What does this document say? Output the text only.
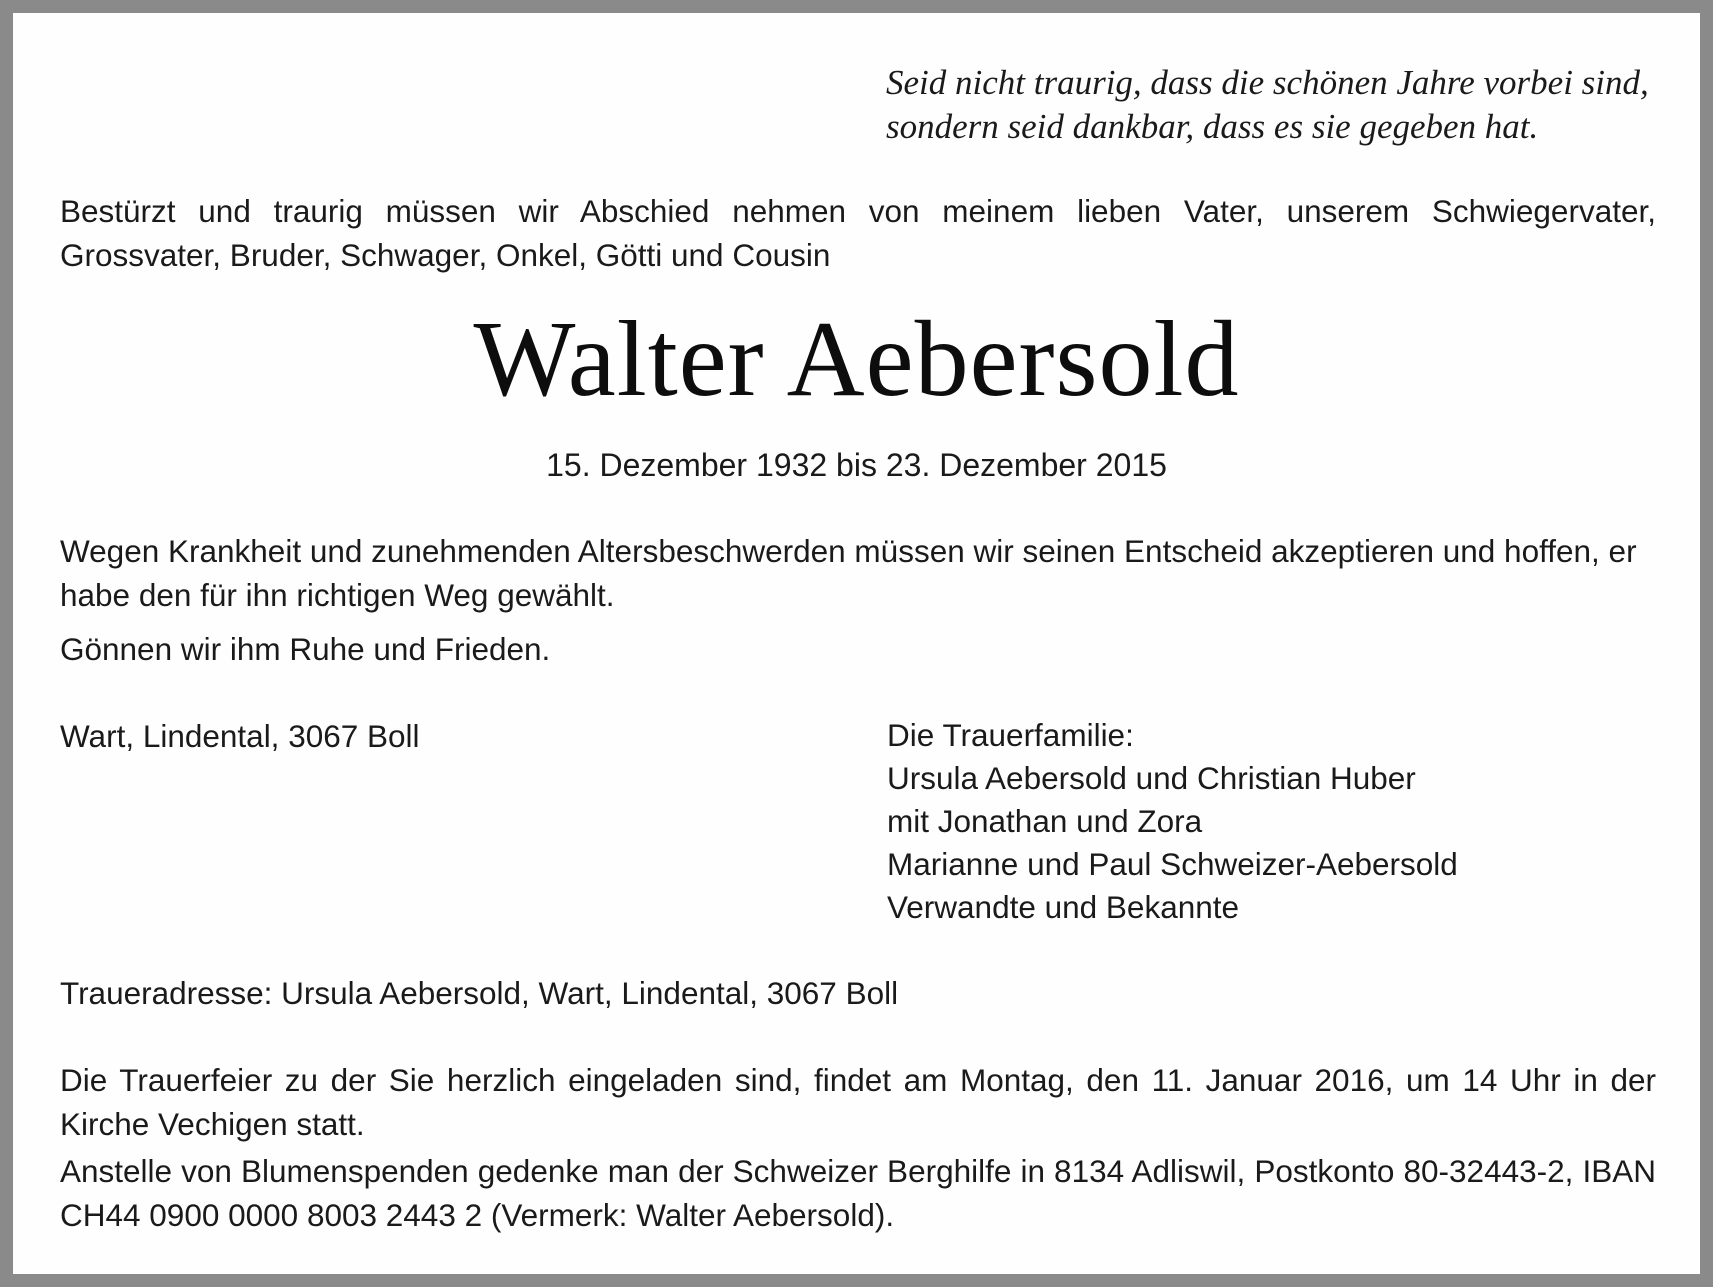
Seid nicht traurig, dass die schönen Jahre vorbei sind,
sondern seid dankbar, dass es sie gegeben hat.
Bestürzt und traurig müssen wir Abschied nehmen von meinem lieben Vater, unserem Schwiegervater, Grossvater, Bruder, Schwager, Onkel, Götti und Cousin
Walter Aebersold
15. Dezember 1932 bis 23. Dezember 2015
Wegen Krankheit und zunehmenden Altersbeschwerden müssen wir seinen Entscheid akzeptieren und hoffen, er habe den für ihn richtigen Weg gewählt.
Gönnen wir ihm Ruhe und Frieden.
Wart, Lindental, 3067 Boll	Die Trauerfamilie:
Ursula Aebersold und Christian Huber
mit Jonathan und Zora
Marianne und Paul Schweizer-Aebersold
Verwandte und Bekannte
Traueradresse: Ursula Aebersold, Wart, Lindental, 3067 Boll
Die Trauerfeier zu der Sie herzlich eingeladen sind, findet am Montag, den 11. Januar 2016, um 14 Uhr in der Kirche Vechigen statt.
Anstelle von Blumenspenden gedenke man der Schweizer Berghilfe in 8134 Adliswil, Postkonto 80-32443-2, IBAN CH44 0900 0000 8003 2443 2 (Vermerk: Walter Aebersold).
